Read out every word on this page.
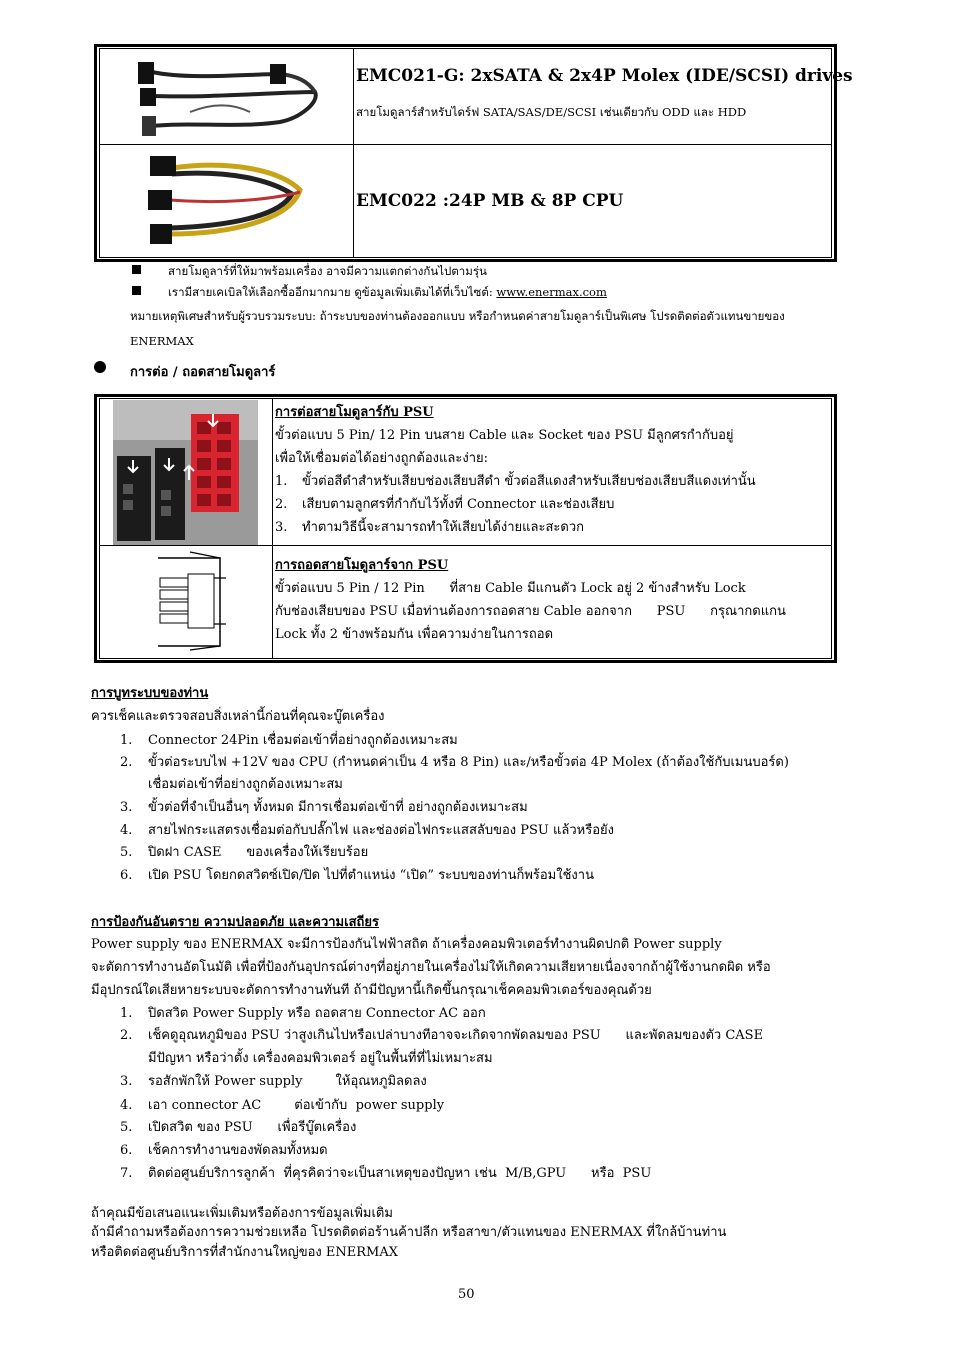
EMC021-G: 2xSATA & 2x4P Molex (IDE/SCSI) drives
สายโมดูลาร์สำหรับไดร์ฟ SATA/SAS/DE/SCSI เช่นเดียวกับ ODD และ HDD
EMC022 :24P MB & 8P CPU
สายโมดูลาร์ที่ให้มาพร้อมเครื่อง อาจมีความแตกต่างกันไปตามรุ่น
เรามีสายเคเบิลให้เลือกซื้ออีกมากมาย ดูข้อมูลเพิ่มเติมได้ที่เว็บไซต์: www.enermax.com
หมายเหตุพิเศษสำหรับผู้รวบรวมระบบ: ถ้าระบบของท่านต้องออกแบบ หรือกำหนดค่าสายโมดูลาร์เป็นพิเศษ โปรดติดต่อตัวแทนขายของ
ENERMAX
การต่อ / ถอดสายโมดูลาร์
การต่อสายโมดูลาร์กับ PSU
ขั้วต่อแบบ 5 Pin/ 12 Pin บนสาย Cable และ Socket ของ PSU มีลูกศรกำกับอยู่
เพื่อให้เชื่อมต่อได้อย่างถูกต้องและง่าย:
1. ขั้วต่อสีดำสำหรับเสียบช่องเสียบสีดำ ขั้วต่อสีแดงสำหรับเสียบช่องเสียบสีแดงเท่านั้น
2. เสียบตามลูกศรที่กำกับไว้ทั้งที่ Connector และช่องเสียบ
3. ทำตามวิธีนี้จะสามารถทำให้เสียบได้ง่ายและสะดวก
การถอดสายโมดูลาร์จาก PSU
ขั้วต่อแบบ 5 Pin / 12 Pin      ที่สาย Cable มีแกนตัว Lock อยู่ 2 ข้างสำหรับ Lock
กับช่องเสียบของ PSU เมื่อท่านต้องการถอดสาย Cable ออกจาก      PSU      กรุณากดแกน
Lock ทั้ง 2 ข้างพร้อมกัน เพื่อความง่ายในการถอด
การบูทระบบของท่าน
ควรเช็คและตรวจสอบสิ่งเหล่านี้ก่อนที่คุณจะบู๊ตเครื่อง
1. Connector 24Pin เชื่อมต่อเข้าที่อย่างถูกต้องเหมาะสม
2. ขั้วต่อระบบไฟ +12V ของ CPU (กำหนดค่าเป็น 4 หรือ 8 Pin) และ/หรือขั้วต่อ 4P Molex (ถ้าต้องใช้กับเมนบอร์ด)
เชื่อมต่อเข้าที่อย่างถูกต้องเหมาะสม
3. ขั้วต่อที่จำเป็นอื่นๆ ทั้งหมด มีการเชื่อมต่อเข้าที่ อย่างถูกต้องเหมาะสม
4. สายไฟกระแสตรงเชื่อมต่อกับปลั๊กไฟ และช่องต่อไฟกระแสสลับของ PSU แล้วหรือยัง
5. ปิดฝา CASE      ของเครื่องให้เรียบร้อย
6. เปิด PSU โดยกดสวิตซ์เปิด/ปิด ไปที่ตำแหน่ง “เปิด” ระบบของท่านก็พร้อมใช้งาน
การป้องกันอันตราย ความปลอดภัย และความเสถียร
Power supply ของ ENERMAX จะมีการป้องกันไฟฟ้าสถิต ถ้าเครื่องคอมพิวเตอร์ทำงานผิดปกติ Power supply
จะตัดการทำงานอัตโนมัติ เพื่อที่ป้องกันอุปกรณ์ต่างๆที่อยู่ภายในเครื่องไม่ให้เกิดความเสียหายเนื่องจากถ้าผู้ใช้งานกดผิด หรือ
มีอุปกรณ์ใดเสียหายระบบจะตัดการทำงานทันที ถ้ามีปัญหานี้เกิดขึ้นกรุณาเช็คคอมพิวเตอร์ของคุณด้วย
1. ปิดสวิต Power Supply หรือ ถอดสาย Connector AC ออก
2. เช็คดูอุณหภูมิของ PSU ว่าสูงเกินไปหรือเปล่าบางทีอาจจะเกิดจากพัดลมของ PSU      และพัดลมของตัว CASE
มีปัญหา หรือว่าตั้ง เครื่องคอมพิวเตอร์ อยู่ในพื้นที่ที่ไม่เหมาะสม
3. รอสักพักให้ Power supply        ให้อุณหภูมิลดลง
4. เอา connector AC        ต่อเข้ากับ  power supply
5. เปิดสวิต ของ PSU      เพื่อรีบู๊ตเครื่อง
6. เช็คการทำงานของพัดลมทั้งหมด
7. ติดต่อศูนย์บริการลูกค้า  ที่คุรคิดว่าจะเป็นสาเหตุของปัญหา เช่น  M/B,GPU      หรือ  PSU
ถ้าคุณมีข้อเสนอแนะเพิ่มเติมหรือต้องการข้อมูลเพิ่มเติม
ถ้ามีคำถามหรือต้องการความช่วยเหลือ โปรดติดต่อร้านค้าปลีก หรือสาขา/ตัวแทนของ ENERMAX ที่ใกล้บ้านท่าน
หรือติดต่อศูนย์บริการที่สำนักงานใหญ่ของ ENERMAX
50
